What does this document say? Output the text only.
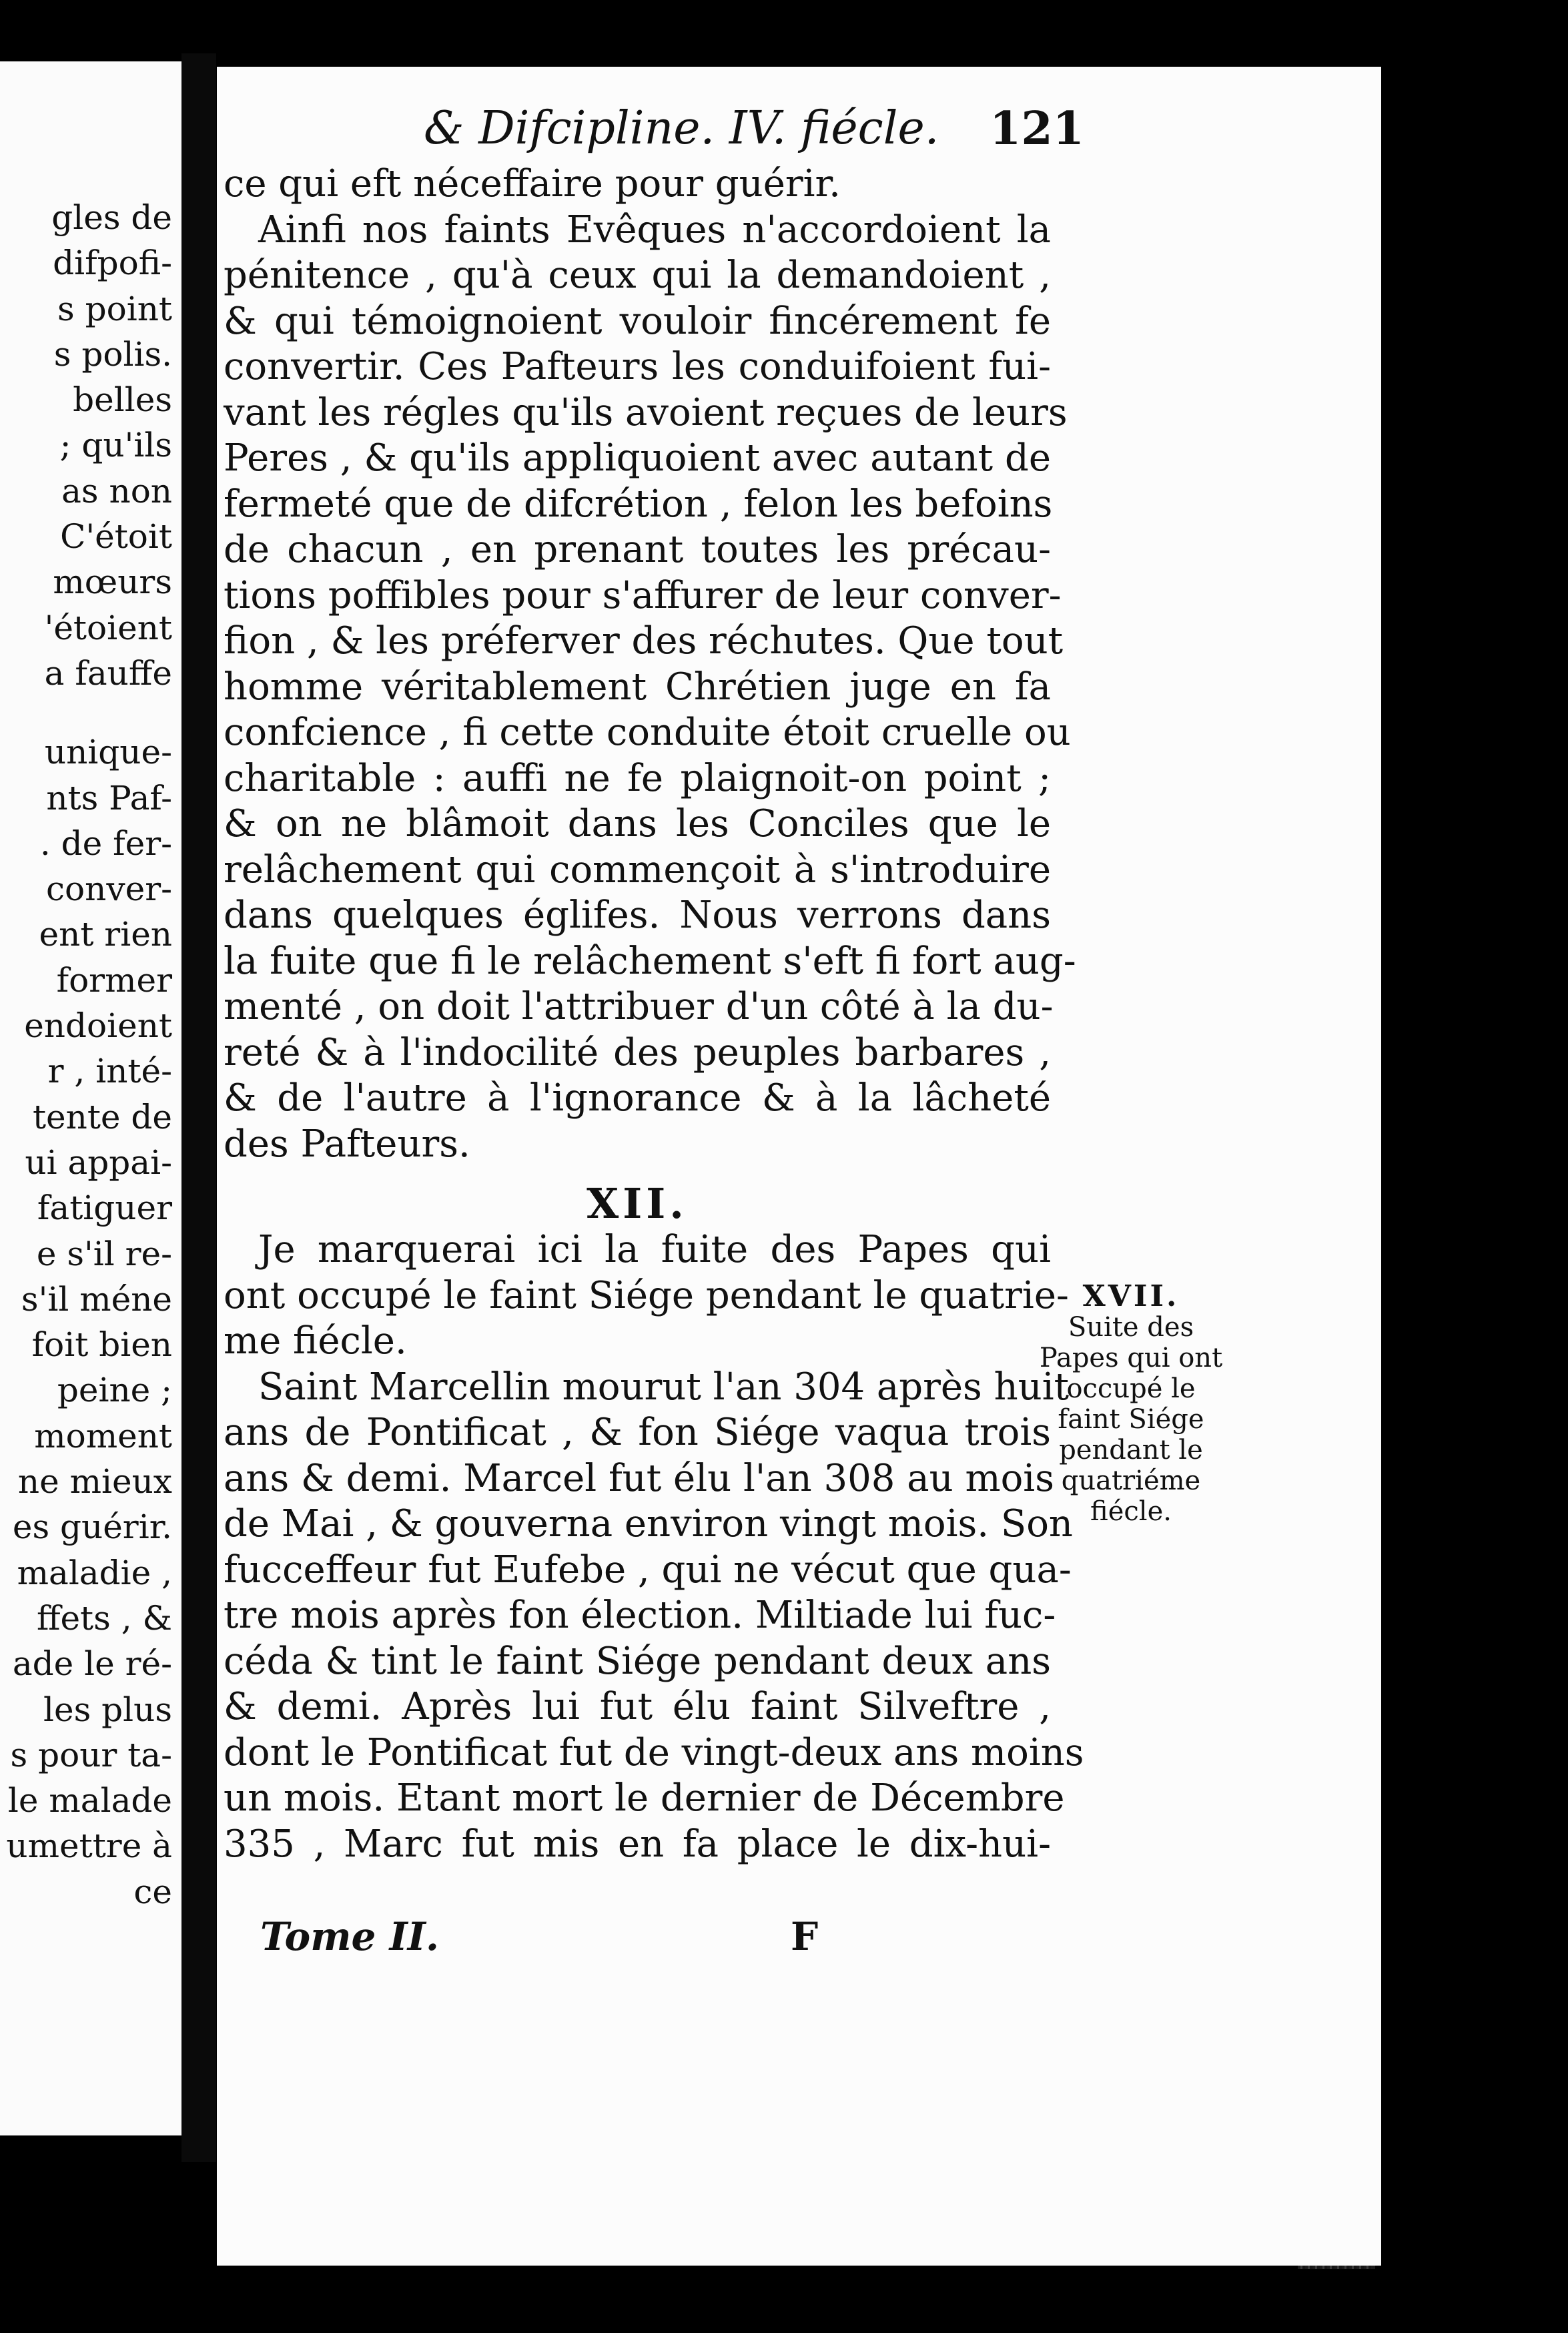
gles de
difpofi-
s point
s polis.
belles
; qu'ils
as non
C'étoit
mœurs
'étoient
a fauffe
unique-
nts Paf-
. de fer-
conver-
ent rien
former
endoient
r , inté-
tente de
ui appai-
fatiguer
e s'il re-
s'il méne
foit bien
peine ;
moment
ne mieux
es guérir.
maladie ,
ffets , &
ade le ré-
les plus
s pour ta-
le malade
umettre à
ce
& Difcipline. IV. fiécle. 121
ce qui eft néceffaire pour guérir.
Ainfi nos faints Evêques n'accordoient la
pénitence , qu'à ceux qui la demandoient ,
& qui témoignoient vouloir fincérement fe
convertir. Ces Pafteurs les conduifoient fui-
vant les régles qu'ils avoient reçues de leurs
Peres , & qu'ils appliquoient avec autant de
fermeté que de difcrétion , felon les befoins
de chacun , en prenant toutes les précau-
tions poffibles pour s'affurer de leur conver-
fion , & les préferver des réchutes. Que tout
homme véritablement Chrétien juge en fa
confcience , fi cette conduite étoit cruelle ou
charitable : auffi ne fe plaignoit-on point ;
& on ne blâmoit dans les Conciles que le
relâchement qui commençoit à s'introduire
dans quelques églifes. Nous verrons dans
la fuite que fi le relâchement s'eft fi fort aug-
menté , on doit l'attribuer d'un côté à la du-
reté & à l'indocilité des peuples barbares ,
& de l'autre à l'ignorance & à la lâcheté
des Pafteurs.
XII.
Je marquerai ici la fuite des Papes qui
ont occupé le faint Siége pendant le quatrie-
me fiécle.
Saint Marcellin mourut l'an 304 après huit
ans de Pontificat , & fon Siége vaqua trois
ans & demi. Marcel fut élu l'an 308 au mois
de Mai , & gouverna environ vingt mois. Son
fucceffeur fut Eufebe , qui ne vécut que qua-
tre mois après fon élection. Miltiade lui fuc-
céda & tint le faint Siége pendant deux ans
& demi. Après lui fut élu faint Silveftre ,
dont le Pontificat fut de vingt-deux ans moins
un mois. Etant mort le dernier de Décembre
335 , Marc fut mis en fa place le dix-hui-
XVII.
Suite des
Papes qui ont
occupé le
faint Siége
pendant le
quatriéme
fiécle.
Tome II.	F
